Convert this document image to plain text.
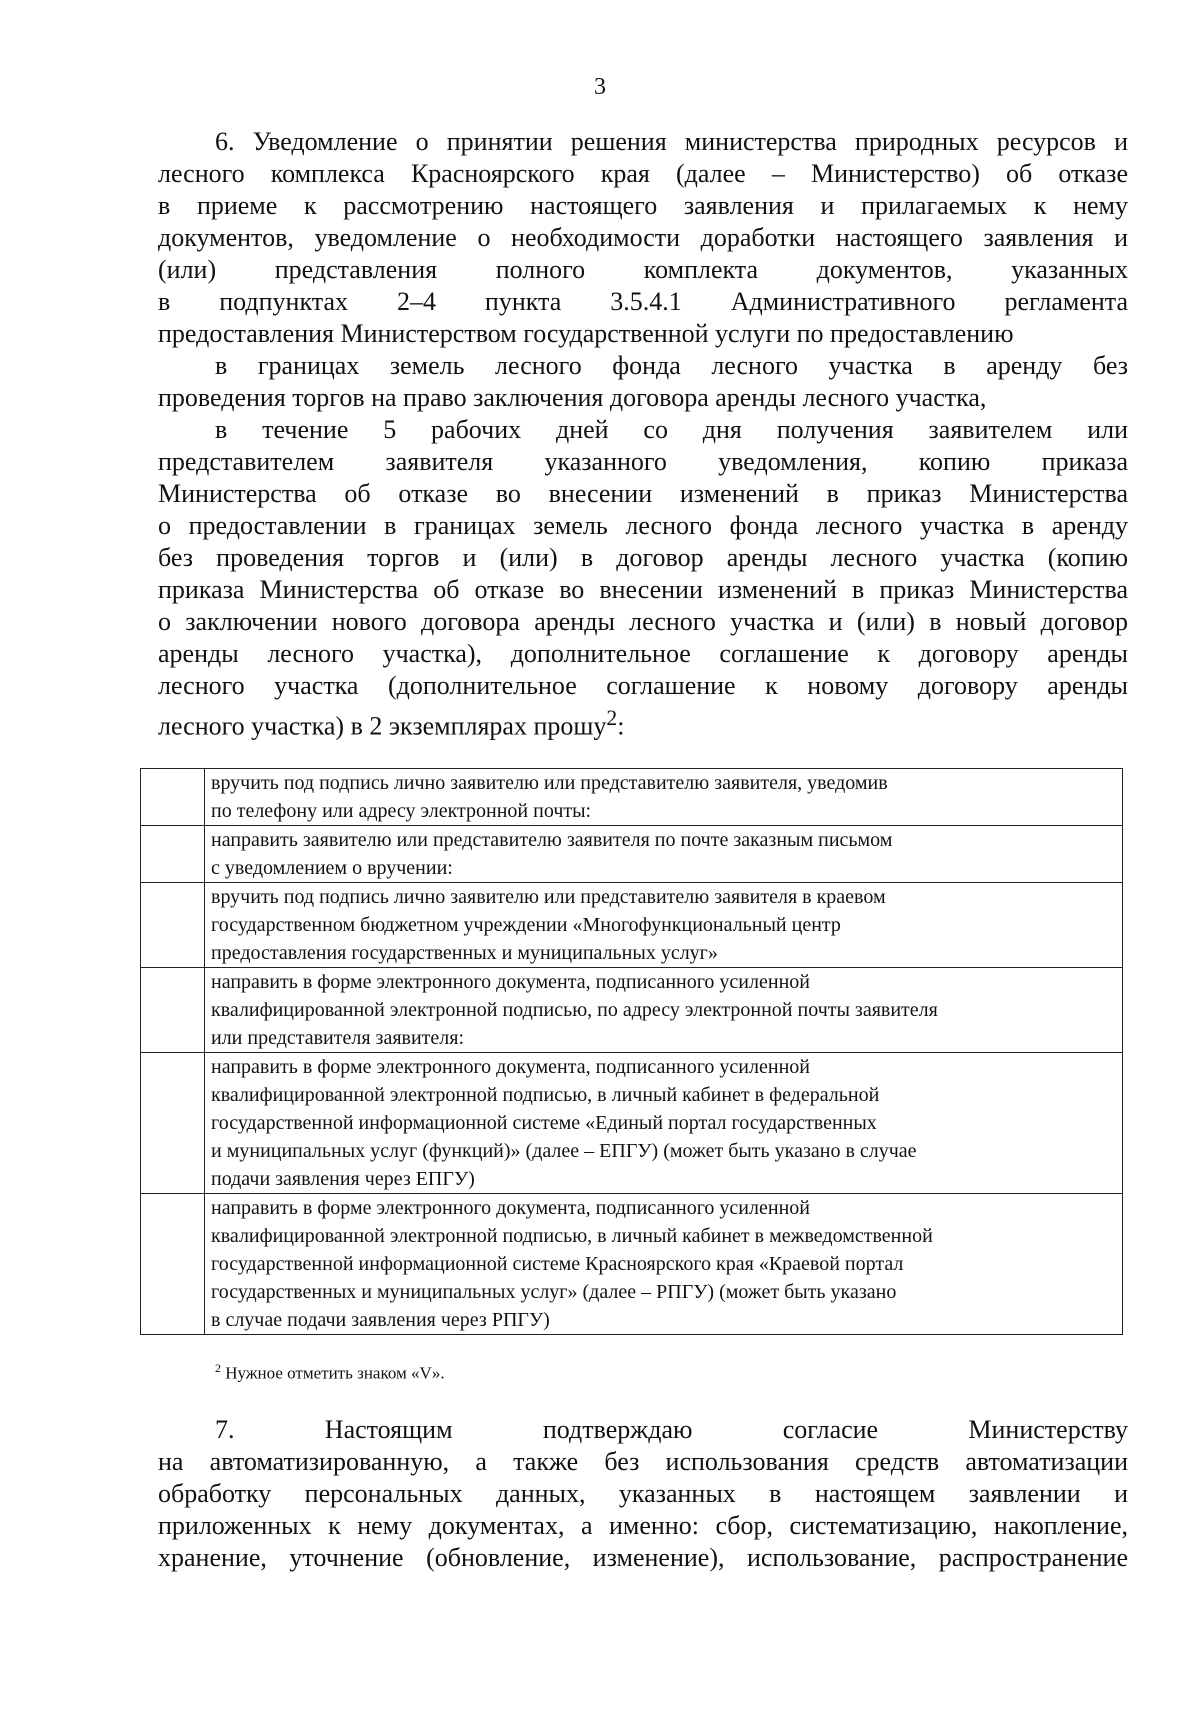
3
6. Уведомление о принятии решения министерства природных ресурсов и
лесного комплекса Красноярского края (далее – Министерство) об отказе
в приеме к рассмотрению настоящего заявления и прилагаемых к нему
документов, уведомление о необходимости доработки настоящего заявления и
(или) представления полного комплекта документов, указанных
в подпунктах 2–4 пункта 3.5.4.1 Административного регламента
предоставления Министерством государственной услуги по предоставлению
в границах земель лесного фонда лесного участка в аренду без
проведения торгов на право заключения договора аренды лесного участка,
в течение 5 рабочих дней со дня получения заявителем или
представителем заявителя указанного уведомления, копию приказа
Министерства об отказе во внесении изменений в приказ Министерства
о предоставлении в границах земель лесного фонда лесного участка в аренду
без проведения торгов и (или) в договор аренды лесного участка (копию
приказа Министерства об отказе во внесении изменений в приказ Министерства
о заключении нового договора аренды лесного участка и (или) в новый договор
аренды лесного участка), дополнительное соглашение к договору аренды
лесного участка (дополнительное соглашение к новому договору аренды
лесного участка) в 2 экземплярах прошу$^2$:

	вручить под подпись лично заявителю или представителю заявителя, уведомив
по телефону или адресу электронной почты:

	направить заявителю или представителю заявителя по почте заказным письмом
с уведомлением о вручении:

	вручить под подпись лично заявителю или представителю заявителя в краевом
государственном бюджетном учреждении «Многофункциональный центр
предоставления государственных и муниципальных услуг»

	направить в форме электронного документа, подписанного усиленной
квалифицированной электронной подписью, по адресу электронной почты заявителя
или представителя заявителя:

	направить в форме электронного документа, подписанного усиленной
квалифицированной электронной подписью, в личный кабинет в федеральной
государственной информационной системе «Единый портал государственных
и муниципальных услуг (функций)» (далее – ЕПГУ) (может быть указано в случае
подачи заявления через ЕПГУ)

	направить в форме электронного документа, подписанного усиленной
квалифицированной электронной подписью, в личный кабинет в межведомственной
государственной информационной системе Красноярского края «Краевой портал
государственных и муниципальных услуг» (далее – РПГУ) (может быть указано
в случае подачи заявления через РПГУ)
$^2$ Нужное отметить знаком «V».
7. Настоящим подтверждаю согласие Министерству
на автоматизированную, а также без использования средств автоматизации
обработку персональных данных, указанных в настоящем заявлении и
приложенных к нему документах, а именно: сбор, систематизацию, накопление,
хранение, уточнение (обновление, изменение), использование, распространение
